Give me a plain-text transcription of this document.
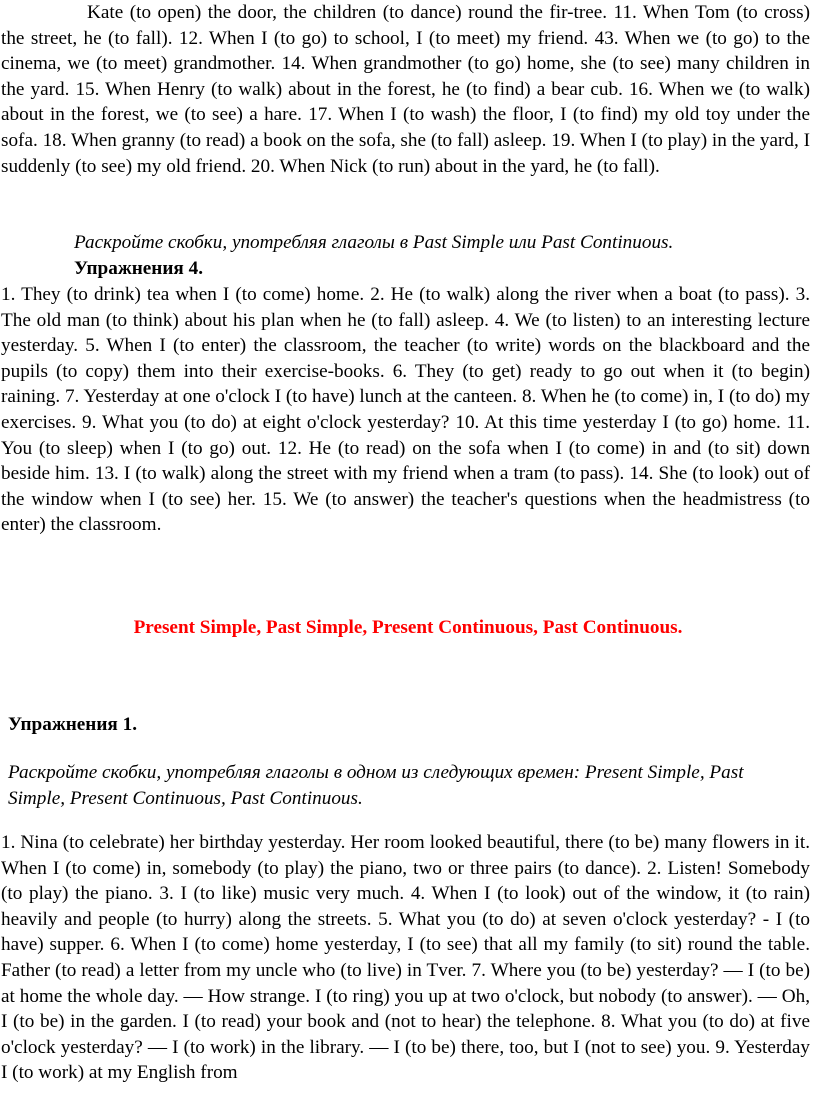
Kate (to open) the door, the children (to dance) round the fir-tree. 11. When Tom (to cross) the street, he (to fall). 12. When I (to go) to school, I (to meet) my friend. 43. When we (to go) to the cinema, we (to meet) grandmother. 14. When grandmother (to go) home, she (to see) many children in the yard. 15. When Henry (to walk) about in the forest, he (to find) a bear cub. 16. When we (to walk) about in the forest, we (to see) a hare. 17. When I (to wash) the floor, I (to find) my old toy under the sofa. 18. When granny (to read) a book on the sofa, she (to fall) asleep. 19. When I (to play) in the yard, I suddenly (to see) my old friend. 20. When Nick (to run) about in the yard, he (to fall).

Раскройте скобки, употребляя глаголы в Past Simple или Past Continuous.

Упражнения 4.

1. They (to drink) tea when I (to come) home. 2. He (to walk) along the river when a boat (to pass). 3. The old man (to think) about his plan when he (to fall) asleep. 4. We (to listen) to an interesting lecture yesterday. 5. When I (to enter) the classroom, the teacher (to write) words on the blackboard and the pupils (to copy) them into their exercise-books. 6. They (to get) ready to go out when it (to begin) raining. 7. Yesterday at one o'clock I (to have) lunch at the canteen. 8. When he (to come) in, I (to do) my exercises. 9. What you (to do) at eight o'clock yesterday? 10. At this time yesterday I (to go) home. 11. You (to sleep) when I (to go) out. 12. He (to read) on the sofa when I (to come) in and (to sit) down beside him. 13. I (to walk) along the street with my friend when a tram (to pass). 14. She (to look) out of the window when I (to see) her. 15. We (to answer) the teacher's questions when the headmistress (to enter) the classroom.

Present Simple, Past Simple, Present Continuous, Past Continuous.

Упражнения 1.

Раскройте скобки, употребляя глаголы в одном из следующих времен: Present Simple, Past Simple, Present Continuous, Past Continuous.

1. Nina (to celebrate) her birthday yesterday. Her room looked beautiful, there (to be) many flowers in it. When I (to come) in, somebody (to play) the piano, two or three pairs (to dance). 2. Listen! Somebody (to play) the piano. 3. I (to like) music very much. 4. When I (to look) out of the window, it (to rain) heavily and people (to hurry) along the streets. 5. What you (to do) at seven o'clock yesterday? - I (to have) supper. 6. When I (to come) home yesterday, I (to see) that all my family (to sit) round the table. Father (to read) a letter from my uncle who (to live) in Tver. 7. Where you (to be) yesterday? — I (to be) at home the whole day. — How strange. I (to ring) you up at two o'clock, but nobody (to answer). — Oh, I (to be) in the garden. I (to read) your book and (not to hear) the telephone. 8. What you (to do) at five o'clock yesterday? — I (to work) in the library. — I (to be) there, too, but I (not to see) you. 9. Yesterday I (to work) at my English from
